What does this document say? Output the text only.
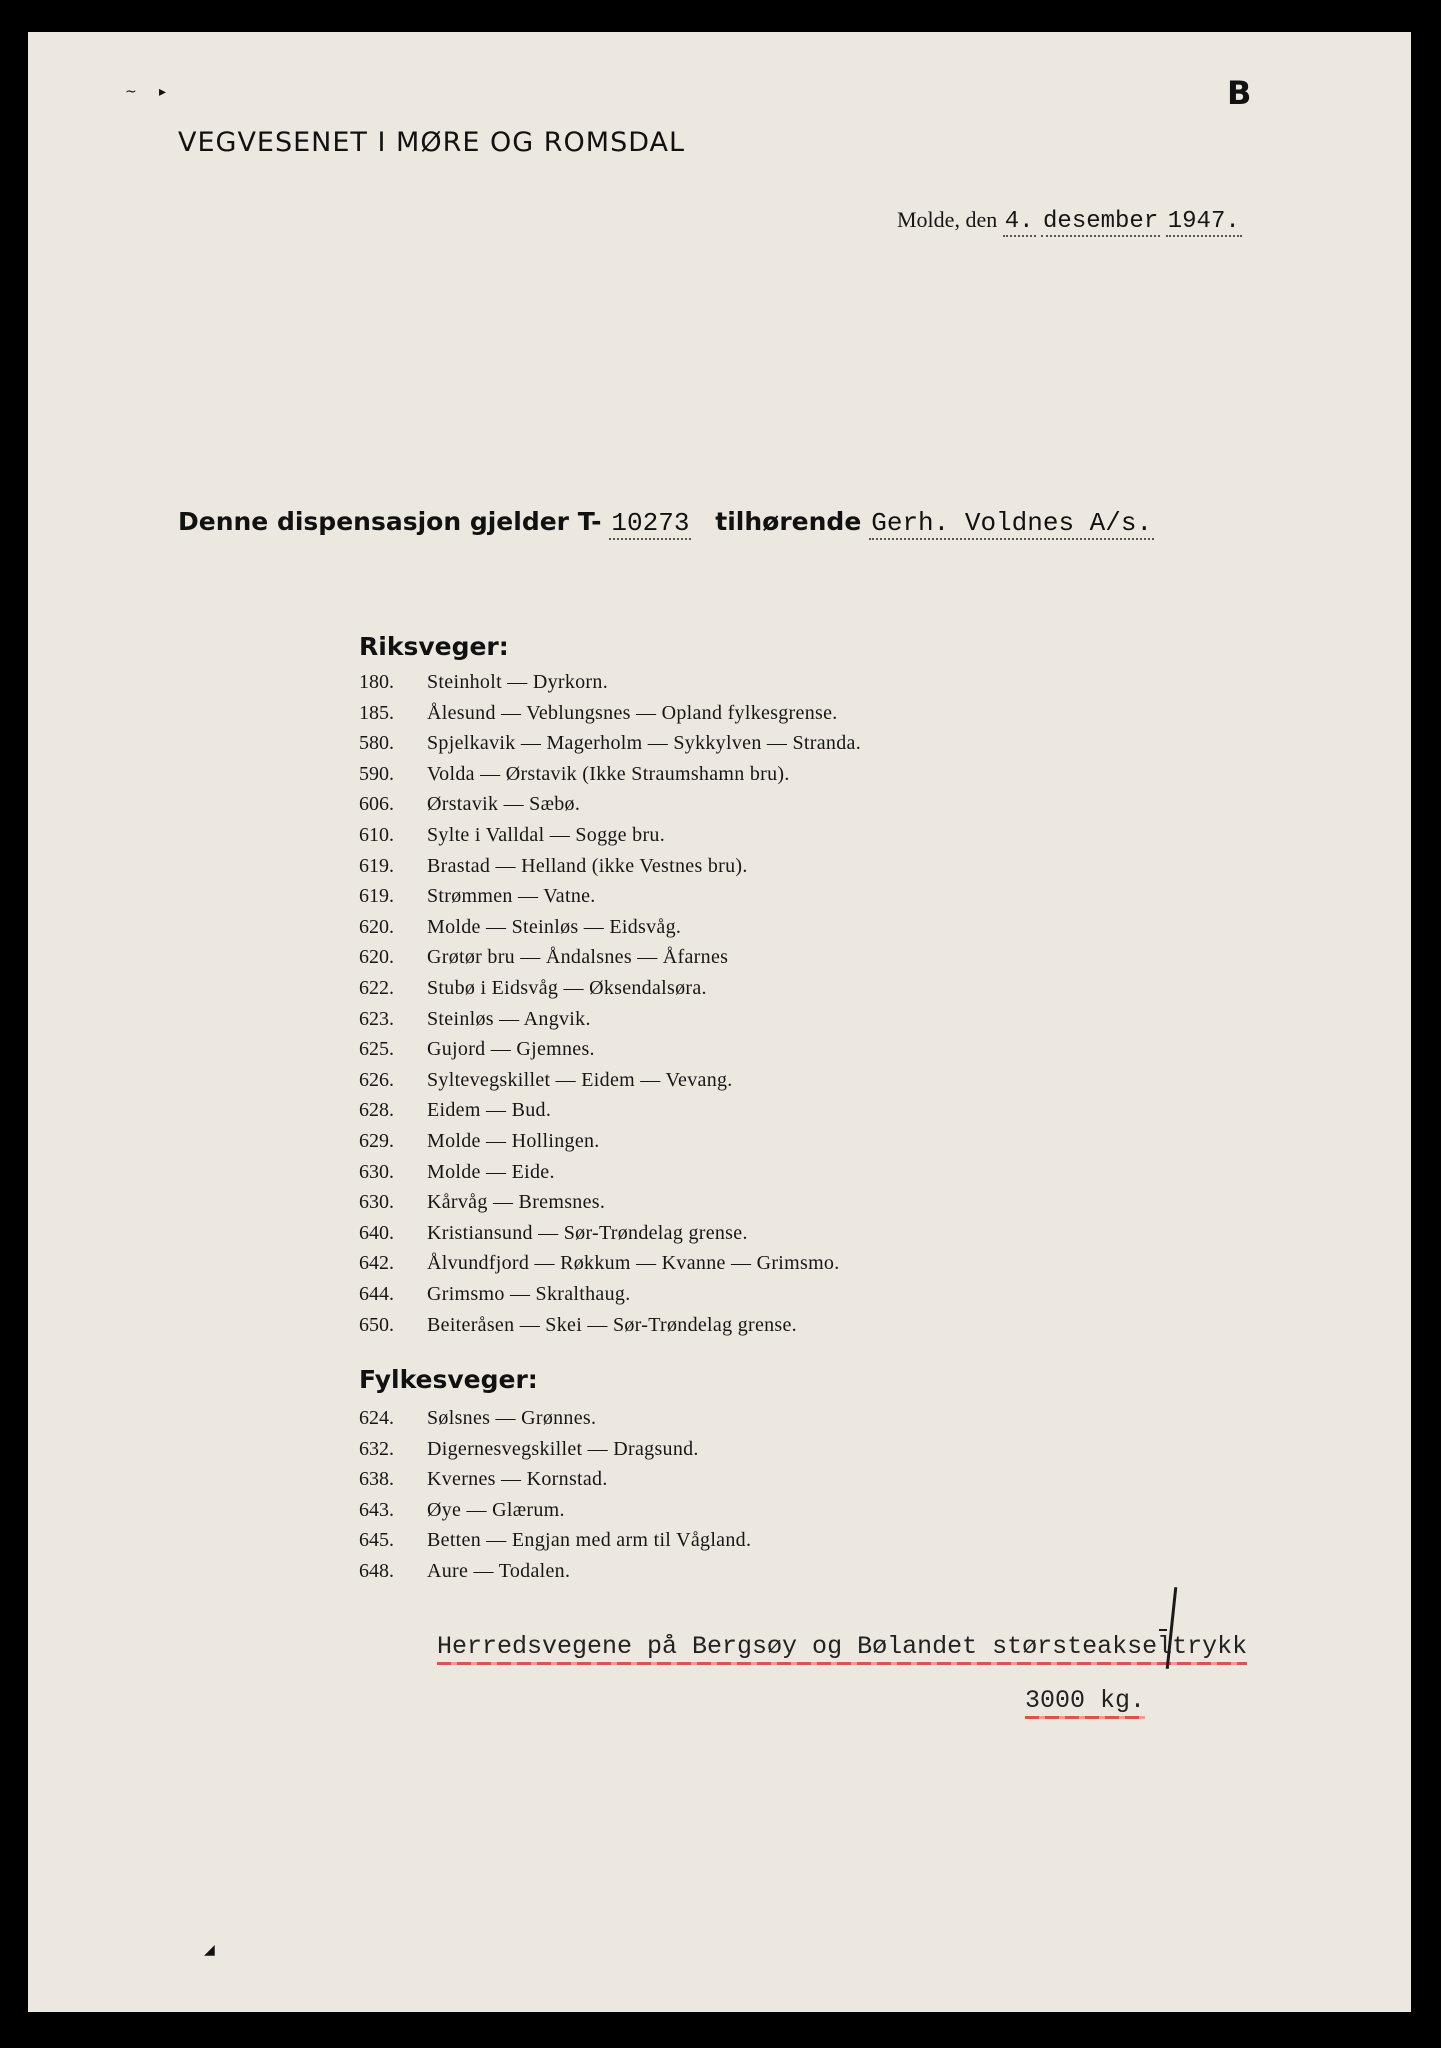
~     ▸
◢
B
VEGVESENET I MØRE OG ROMSDAL
Molde, den 4. desember 1947.
Denne dispensasjon gjelder T- 10273 tilhørende Gerh. Voldnes A/s.
Riksveger:
180. Steinholt — Dyrkorn.
185. Ålesund — Veblungsnes — Opland fylkesgrense.
580. Spjelkavik — Magerholm — Sykkylven — Stranda.
590. Volda — Ørstavik (Ikke Straumshamn bru).
606. Ørstavik — Sæbø.
610. Sylte i Valldal — Sogge bru.
619. Brastad — Helland (ikke Vestnes bru).
619. Strømmen — Vatne.
620. Molde — Steinløs — Eidsvåg.
620. Grøtør bru — Åndalsnes — Åfarnes
622. Stubø i Eidsvåg — Øksendalsøra.
623. Steinløs — Angvik.
625. Gujord — Gjemnes.
626. Syltevegskillet — Eidem — Vevang.
628. Eidem — Bud.
629. Molde — Hollingen.
630. Molde — Eide.
630. Kårvåg — Bremsnes.
640. Kristiansund — Sør-Trøndelag grense.
642. Ålvundfjord — Røkkum — Kvanne — Grimsmo.
644. Grimsmo — Skralthaug.
650. Beiteråsen — Skei — Sør-Trøndelag grense.
Fylkesveger:
624. Sølsnes — Grønnes.
632. Digernesvegskillet — Dragsund.
638. Kvernes — Kornstad.
643. Øye — Glærum.
645. Betten — Engjan med arm til Vågland.
648. Aure — Todalen.
Herredsvegene på Bergsøy og Bølandet størsteakseltrykk
3000 kg.
